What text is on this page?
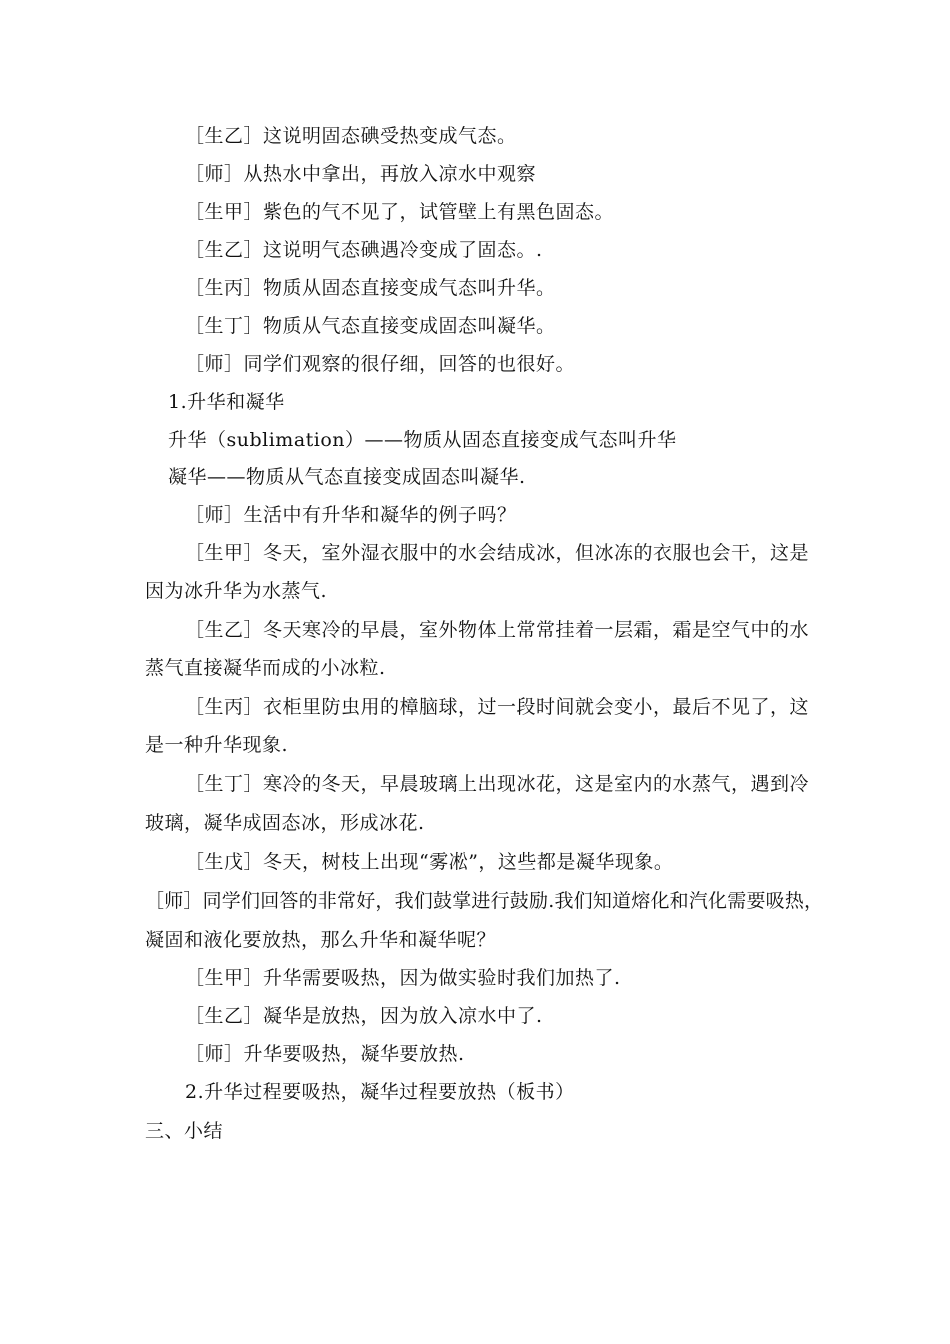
［生乙］这说明固态碘受热变成气态。
［师］从热水中拿出，再放入凉水中观察
［生甲］紫色的气不见了，试管壁上有黑色固态。
［生乙］这说明气态碘遇冷变成了固态。.
［生丙］物质从固态直接变成气态叫升华。
［生丁］物质从气态直接变成固态叫凝华。
［师］同学们观察的很仔细，回答的也很好。
1.升华和凝华
升华（sublimation）——物质从固态直接变成气态叫升华
凝华——物质从气态直接变成固态叫凝华.
［师］生活中有升华和凝华的例子吗？
［生甲］冬天，室外湿衣服中的水会结成冰，但冰冻的衣服也会干，这是
因为冰升华为水蒸气.
［生乙］冬天寒冷的早晨，室外物体上常常挂着一层霜，霜是空气中的水
蒸气直接凝华而成的小冰粒.
［生丙］衣柜里防虫用的樟脑球，过一段时间就会变小，最后不见了，这
是一种升华现象.
［生丁］寒冷的冬天，早晨玻璃上出现冰花，这是室内的水蒸气，遇到冷
玻璃，凝华成固态冰，形成冰花.
［生戊］冬天，树枝上出现“雾凇”，这些都是凝华现象。
［师］同学们回答的非常好，我们鼓掌进行鼓励.我们知道熔化和汽化需要吸热，
凝固和液化要放热，那么升华和凝华呢？
［生甲］升华需要吸热，因为做实验时我们加热了.
［生乙］凝华是放热，因为放入凉水中了.
［师］升华要吸热，凝华要放热.
2.升华过程要吸热，凝华过程要放热（板书）
三、小结
